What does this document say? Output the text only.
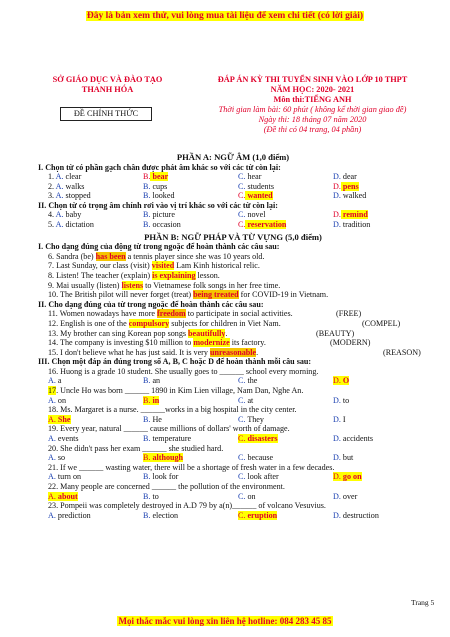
Đây là bản xem thử, vui lòng mua tài liệu để xem chi tiết (có lời giải)
SỞ GIÁO DỤC VÀ ĐÀO TẠO
THANH HÓA
ĐỀ CHÍNH THỨC
ĐÁP ÁN KỲ THI TUYỂN SINH VÀO LỚP 10 THPT
NĂM HỌC: 2020- 2021
Môn thi:TIẾNG ANH
Thời gian làm bài: 60 phút ( không kể thời gian giao đề)
Ngày thi: 18 tháng 07 năm 2020
(Đề thi có 04 trang, 04 phần)

PHẦN A: NGỮ ÂM (1,0 điểm)

I. Chọn từ có phần gạch chân được phát âm khác so với các từ còn lại:

1. A. clear	B. bear	C. hear	D. dear
2. A. walks	B. cups	C. students	D. pens
3. A. stopped	B. looked	C. wanted	D. walked

II. Chọn từ có trọng âm chính rơi vào vị trí khác so với các từ còn lại:

4. A. baby	B. picture	C. novel	D. remind
5. A. dictation	B. occasion	C. reservation	D. tradition

PHẦN B: NGỮ PHÁP VÀ TỪ VỰNG (5,0 điểm)

I. Cho dạng đúng của động từ trong ngoặc để hoàn thành các câu sau:

6. Sandra (be) has been a tennis player since she was 10 years old.

7. Last Sunday, our class (visit) visited Lam Kinh historical relic.

8. Listen! The teacher (explain) is explaining lesson.

9. Mai usually (listen) listens to Vietnamese folk songs in her free time.

10. The British pilot will never forget (treat) being treated for COVID-19 in Vietnam.

II. Cho dạng đúng của từ trong ngoặc để hoàn thành các câu sau:

11. Women nowadays have more freedom to participate in social activities.	(FREE)
12. English is one of the compulsory subjects for children in Viet Nam.	(COMPEL)
13. My brother can sing Korean pop songs beautifully.	(BEAUTY)
14. The company is investing $10 million to modernize its factory.	(MODERN)
15. I don't believe what he has just said. It is very unreasonable.	(REASON)

III. Chọn một đáp án đúng trong số A, B, C hoặc D để hoàn thành mỗi câu sau:

16. Huong is a grade 10 student. She usually goes to ______ school every morning.

A. a	B. an	C. the	D. O

17. Uncle Ho was born ______ 1890 in Kim Lien village, Nam Dan, Nghe An.

A. on	B. in	C. at	D. to

18. Ms. Margaret is a nurse. ______works in a big hospital in the city center.

A. She	B. He	C. They	D. I

19. Every year, natural ______ cause millions of dollars' worth of damage.

A. events	B. temperature	C. disasters	D. accidents

20. She didn't pass her exam ______ she studied hard.

A. so	B. although	C. because	D. but

21. If we ______ wasting water, there will be a shortage of fresh water in a few decades.

A. turn on	B. look for	C. look after	D. go on

22. Many people are concerned ______ the pollution of the environment.

A. about	B. to	C. on	D. over

23. Pompeii was completely destroyed in A.D 79 by a(n)______ of volcano Vesuvius.

A. prediction	B. election	C. eruption	D. destruction
Trang 5
Mọi thắc mắc vui lòng xin liên hệ hotline: 084 283 45 85
